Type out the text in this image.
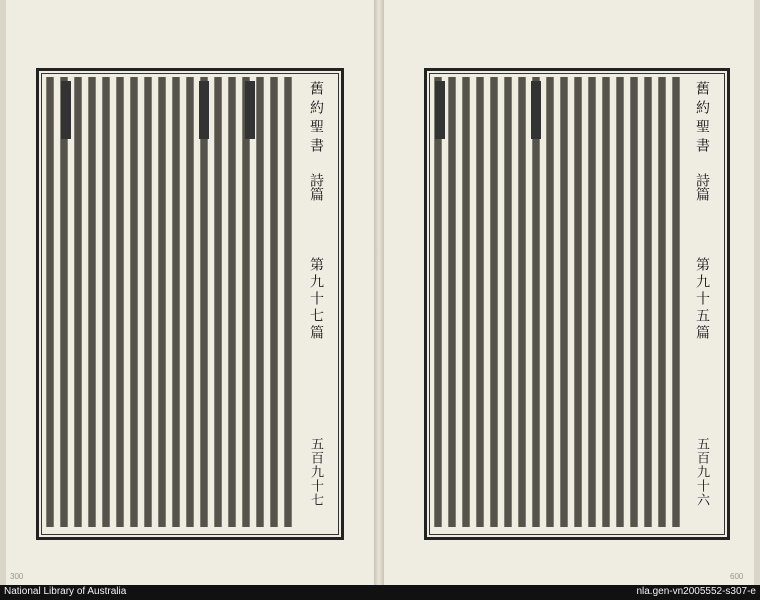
舊約聖書
詩篇
第九十七篇
五百九十七
300
舊約聖書
詩篇
第九十五篇
五百九十六
600
National Library of Australia	nla.gen-vn2005552-s307-e
